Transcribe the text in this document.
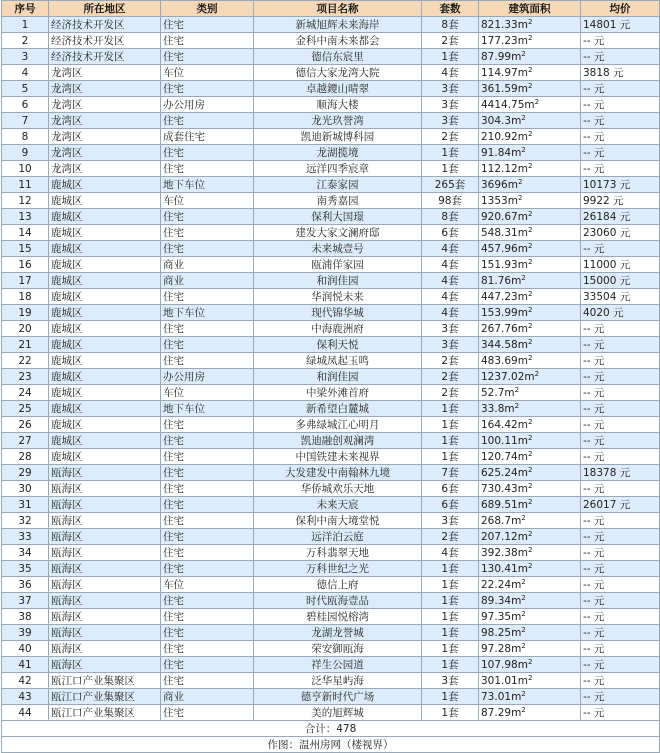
序号	所在地区	类别	项目名称	套数	建筑面积	均价
1	经济技术开发区	住宅	新城旭辉未来海岸	8套	$821.33m^2$	14801 元
2	经济技术开发区	住宅	金科中南未来都会	2套	$177.23m^2$	-- 元
3	经济技术开发区	住宅	德信东宸里	1套	$87.99m^2$	-- 元
4	龙湾区	车位	德信大家龙湾大院	4套	$114.97m^2$	3818 元
5	龙湾区	住宅	卓越鑁山晴翠	3套	$361.59m^2$	-- 元
6	龙湾区	办公用房	顺海大楼	3套	$4414.75m^2$	-- 元
7	龙湾区	住宅	龙光玖誉湾	3套	$304.3m^2$	-- 元
8	龙湾区	成套住宅	凯迪新城博科园	2套	$210.92m^2$	-- 元
9	龙湾区	住宅	龙湖揽境	1套	$91.84m^2$	-- 元
10	龙湾区	住宅	远洋四季宸章	1套	$112.12m^2$	-- 元
11	鹿城区	地下车位	江泰家园	265套	$3696m^2$	10173 元
12	鹿城区	车位	南秀嘉园	98套	$1353m^2$	9922 元
13	鹿城区	住宅	保利大国璟	8套	$920.67m^2$	26184 元
14	鹿城区	住宅	建发大家文澜府邸	6套	$548.31m^2$	23060 元
15	鹿城区	住宅	未来城壹号	4套	$457.96m^2$	-- 元
16	鹿城区	商业	瓯浦佯家园	4套	$151.93m^2$	11000 元
17	鹿城区	商业	和润佳园	4套	$81.76m^2$	15000 元
18	鹿城区	住宅	华润悦未来	4套	$447.23m^2$	33504 元
19	鹿城区	地下车位	现代锦华城	4套	$153.99m^2$	4020 元
20	鹿城区	住宅	中海鹿洲府	3套	$267.76m^2$	-- 元
21	鹿城区	住宅	保利天悦	3套	$344.58m^2$	-- 元
22	鹿城区	住宅	绿城凤起玉鸣	2套	$483.69m^2$	-- 元
23	鹿城区	办公用房	和润佳园	2套	$1237.02m^2$	-- 元
24	鹿城区	车位	中梁外滩首府	2套	$52.7m^2$	-- 元
25	鹿城区	地下车位	新希望白麓城	1套	$33.8m^2$	-- 元
26	鹿城区	住宅	多弗绿城江心明月	1套	$164.42m^2$	-- 元
27	鹿城区	住宅	凯迪融创观澜湾	1套	$100.11m^2$	-- 元
28	鹿城区	住宅	中国铁建未来视界	1套	$120.74m^2$	-- 元
29	瓯海区	住宅	大发建发中南翰林九境	7套	$625.24m^2$	18378 元
30	瓯海区	住宅	华侨城欢乐天地	6套	$730.43m^2$	-- 元
31	瓯海区	住宅	未来天宸	6套	$689.51m^2$	26017 元
32	瓯海区	住宅	保利中南大境堂悦	3套	$268.7m^2$	-- 元
33	瓯海区	住宅	远洋泊云庭	2套	$207.12m^2$	-- 元
34	瓯海区	住宅	万科翡翠天地	4套	$392.38m^2$	-- 元
35	瓯海区	住宅	万科世纪之光	1套	$130.41m^2$	-- 元
36	瓯海区	车位	德信上府	1套	$22.24m^2$	-- 元
37	瓯海区	住宅	时代瓯海壹品	1套	$89.34m^2$	-- 元
38	瓯海区	住宅	碧桂园悦榕湾	1套	$97.35m^2$	-- 元
39	瓯海区	住宅	龙湖龙誉城	1套	$98.25m^2$	-- 元
40	瓯海区	住宅	荣安御瓯海	1套	$97.28m^2$	-- 元
41	瓯海区	住宅	祥生公园道	1套	$107.98m^2$	-- 元
42	瓯江口产业集聚区	住宅	泛华星屿海	3套	$301.01m^2$	-- 元
43	瓯江口产业集聚区	商业	德亨新时代广场	1套	$73.01m^2$	-- 元
44	瓯江口产业集聚区	住宅	美的旭辉城	1套	$87.29m^2$	-- 元
合计：478						
作图：温州房网（楼视界）						
